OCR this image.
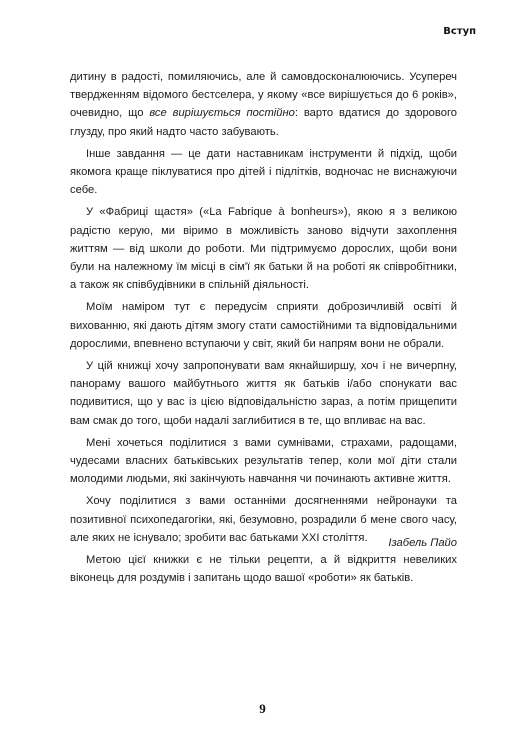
Вступ

дитину в радості, помиляючись, але й самовдосконалюючись. Усупереч твердженням відомого бестселера, у якому «все вирішується до 6 років», очевидно, що все вирішується постійно: варто вдатися до здорового глузду, про який надто часто забувають.

Інше завдання — це дати наставникам інструменти й підхід, щоби якомога краще піклуватися про дітей і підлітків, водночас не виснажуючи себе.

У «Фабриці щастя» («La Fabrique à bonheurs»), якою я з великою радістю керую, ми віримо в можливість заново відчути захоплення життям — від школи до роботи. Ми підтримуємо дорослих, щоби вони були на належному їм місці в сім'ї як батьки й на роботі як співробітники, а також як співбудівники в спільній діяльності.

Моїм наміром тут є передусім сприяти доброзичливій освіті й вихованню, які дають дітям змогу стати самостійними та відповідальними дорослими, впевнено вступаючи у світ, який би напрям вони не обрали.

У цій книжці хочу запропонувати вам якнайширшу, хоч і не вичерпну, панораму вашого майбутнього життя як батьків і/або спонукати вас подивитися, що у вас із цією відповідальністю зараз, а потім прищепити вам смак до того, щоби надалі заглибитися в те, що впливає на вас.

Мені хочеться поділитися з вами сумнівами, страхами, радощами, чудесами власних батьківських результатів тепер, коли мої діти стали молодими людьми, які закінчують навчання чи починають активне життя.

Хочу поділитися з вами останніми досягненнями нейронауки та позитивної психопедагогіки, які, безумовно, розрадили б мене свого часу, але яких не існувало; зробити вас батьками XXI століття.

Метою цієї книжки є не тільки рецепти, а й відкриття невеликих віконець для роздумів і запитань щодо вашої «роботи» як батьків.

Ізабель Пайо
9
